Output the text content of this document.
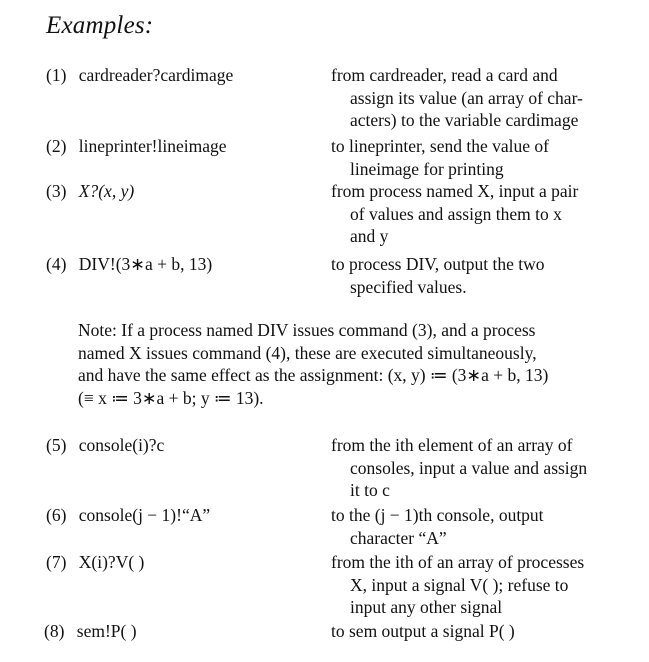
Examples:
(1) cardreader?cardimage	from cardreader, read a card and
assign its value (an array of char-
acters) to the variable cardimage
(2) lineprinter!lineimage	to lineprinter, send the value of
lineimage for printing
(3) X?(x, y)	from process named X, input a pair
of values and assign them to x
and y
(4) DIV!(3∗a + b, 13)	to process DIV, output the two
specified values.
Note: If a process named DIV issues command (3), and a process
named X issues command (4), these are executed simultaneously,
and have the same effect as the assignment: (x, y) ≔ (3∗a + b, 13)
(≡ x ≔ 3∗a + b; y ≔ 13).
(5) console(i)?c	from the ith element of an array of
consoles, input a value and assign
it to c
(6) console(j − 1)!“A”	to the (j − 1)th console, output
character “A”
(7) X(i)?V( )	from the ith of an array of processes
X, input a signal V( ); refuse to
input any other signal
(8) sem!P( )	to sem output a signal P( )
